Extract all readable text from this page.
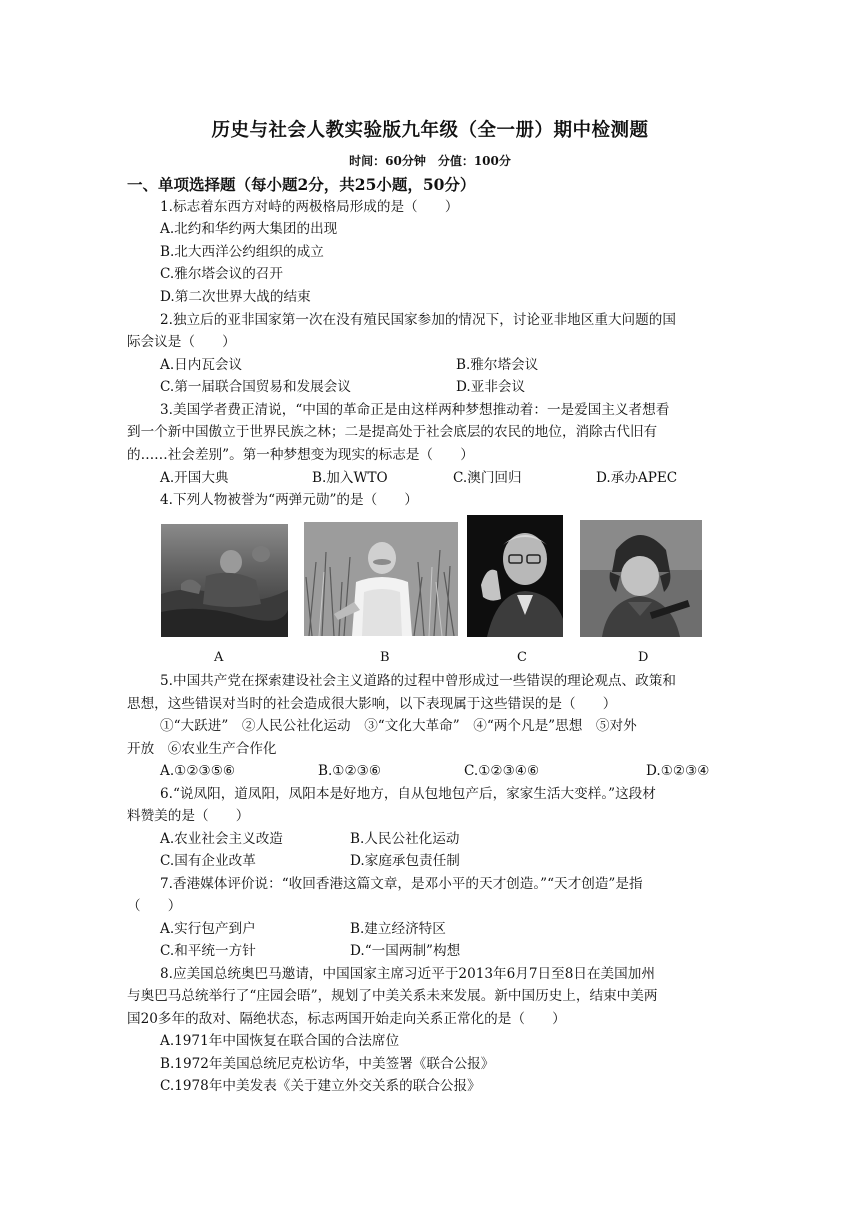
历史与社会人教实验版九年级（全一册）期中检测题
时间：60分钟　分值：100分
一、单项选择题（每小题2分，共25小题，50分）
1.标志着东西方对峙的两极格局形成的是（　　）
A.北约和华约两大集团的出现
B.北大西洋公约组织的成立
C.雅尔塔会议的召开
D.第二次世界大战的结束
2.独立后的亚非国家第一次在没有殖民国家参加的情况下，讨论亚非地区重大问题的国
际会议是（　　）
A.日内瓦会议	B.雅尔塔会议
C.第一届联合国贸易和发展会议	D.亚非会议
3.美国学者费正清说，“中国的革命正是由这样两种梦想推动着：一是爱国主义者想看
到一个新中国傲立于世界民族之林；二是提高处于社会底层的农民的地位，消除古代旧有
的……社会差别”。第一种梦想变为现实的标志是（　　）
A.开国大典	B.加入WTO	C.澳门回归	D.承办APEC
4.下列人物被誉为“两弹元勋”的是（　　）
A	B	C	D
5.中国共产党在探索建设社会主义道路的过程中曾形成过一些错误的理论观点、政策和
思想，这些错误对当时的社会造成很大影响，以下表现属于这些错误的是（　　）
①“大跃进”　②人民公社化运动　③“文化大革命”　④“两个凡是”思想　⑤对外
开放　⑥农业生产合作化
A.①②③⑤⑥	B.①②③⑥	C.①②③④⑥	D.①②③④
6.“说凤阳，道凤阳，凤阳本是好地方，自从包地包产后，家家生活大变样。”这段材
料赞美的是（　　）
A.农业社会主义改造	B.人民公社化运动
C.国有企业改革	D.家庭承包责任制
7.香港媒体评价说：“收回香港这篇文章，是邓小平的天才创造。”“天才创造”是指
（　　）
A.实行包产到户	B.建立经济特区
C.和平统一方针	D.“一国两制”构想
8.应美国总统奥巴马邀请，中国国家主席习近平于2013年6月7日至8日在美国加州
与奥巴马总统举行了“庄园会晤”，规划了中美关系未来发展。新中国历史上，结束中美两
国20多年的敌对、隔绝状态，标志两国开始走向关系正常化的是（　　）
A.1971年中国恢复在联合国的合法席位
B.1972年美国总统尼克松访华，中美签署《联合公报》
C.1978年中美发表《关于建立外交关系的联合公报》
